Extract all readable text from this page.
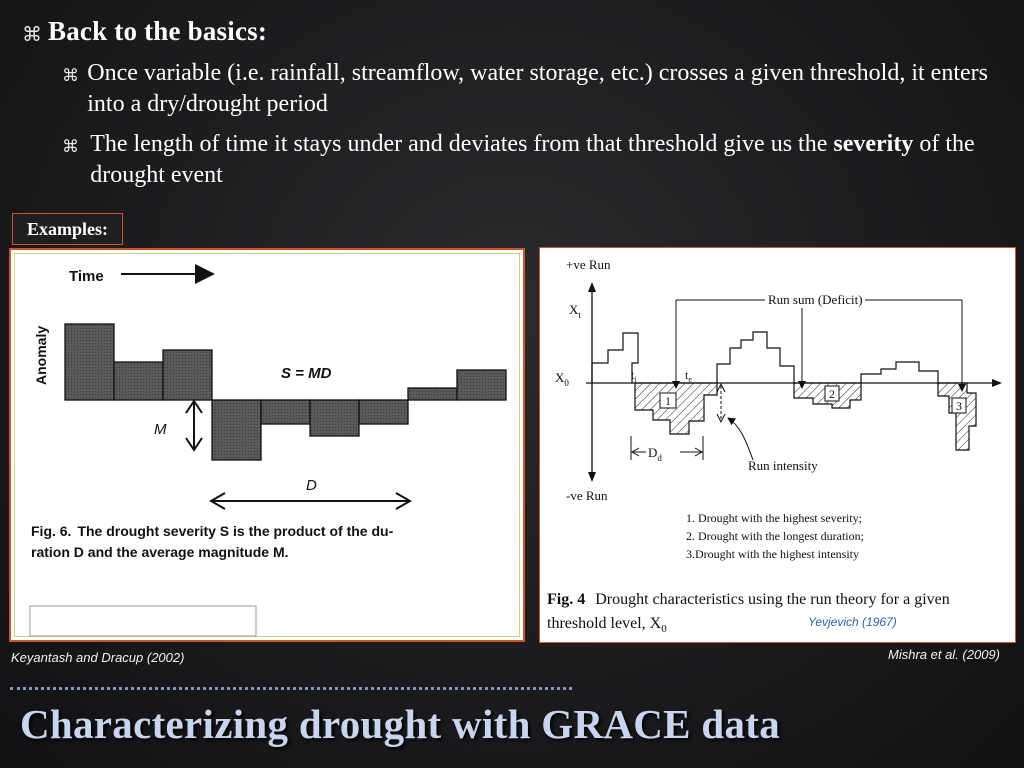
⌘ Back to the basics:
⌘ Once variable (i.e. rainfall, streamflow, water storage, etc.) crosses a given threshold, it enters into a dry/drought period
⌘ The length of time it stays under and deviates from that threshold give us the severity of the drought event
Examples:
Time
Anomaly	S = MD
M
D
Fig. 6. The drought severity S is the product of the du-
ration D and the average magnitude M.
+ve Run
-ve Run
$X_t$
$X_0$
1	2
3
$t_i$	$t_e$
Run sum (Deficit)
Run intensity
$D_d$
1. Drought with the highest severity;
2. Drought with the longest duration;
3.Drought with the highest intensity
Fig. 4 Drought characteristics using the run theory for a given
threshold level, $X_0$	Yevjevich (1967)
Keyantash and Dracup (2002)	Mishra et al. (2009)
Characterizing drought with GRACE data
